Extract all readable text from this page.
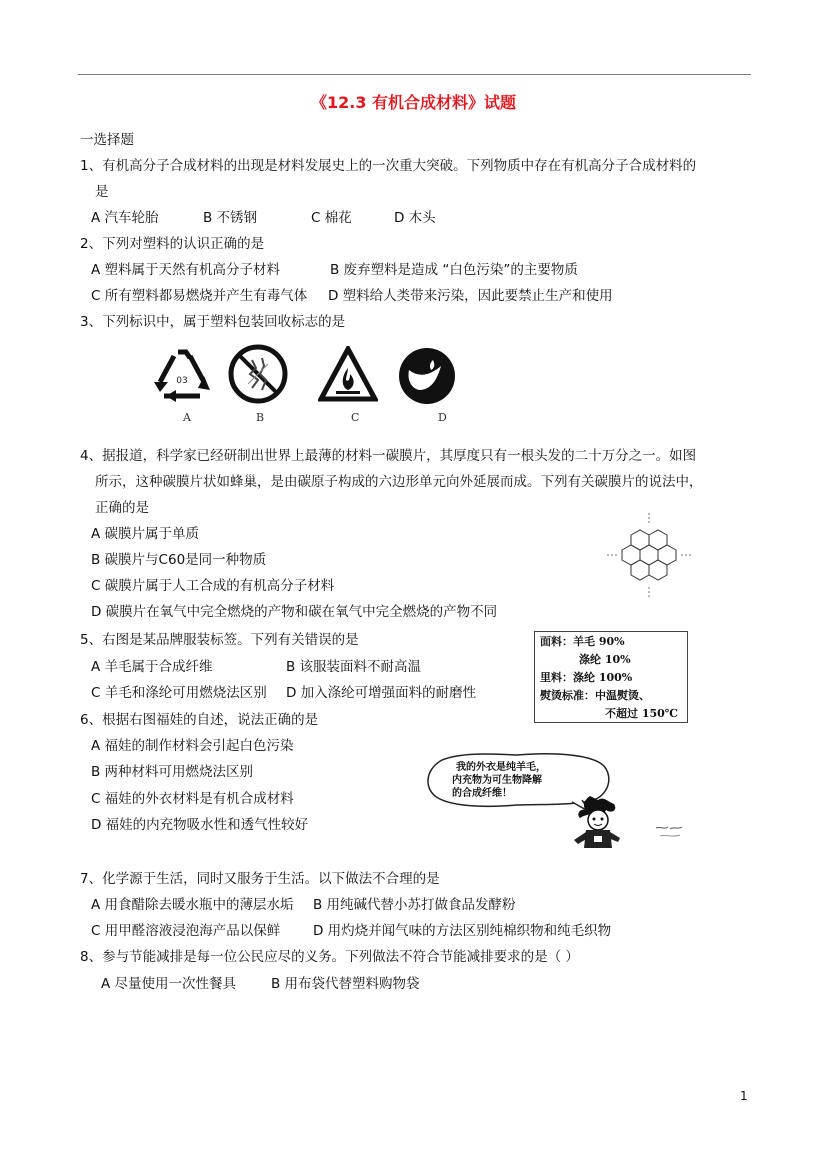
《12.3 有机合成材料》试题
一选择题
1、有机高分子合成材料的出现是材料发展史上的一次重大突破。下列物质中存在有机高分子合成材料的
是
A 汽车轮胎	B 不锈钢	C 棉花	D 木头
2、下列对塑料的认识正确的是
A 塑料属于天然有机高分子材料	B 废弃塑料是造成 “白色污染”的主要物质
C 所有塑料都易燃烧并产生有毒气体 D 塑料给人类带来污染，因此要禁止生产和使用
3、下列标识中，属于塑料包装回收标志的是
03
A	B	C	D
4、据报道，科学家已经研制出世界上最薄的材料一碳膜片，其厚度只有一根头发的二十万分之一。如图
所示，这种碳膜片状如蜂巢，是由碳原子构成的六边形单元向外延展而成。下列有关碳膜片的说法中，
正确的是
A 碳膜片属于单质
B 碳膜片与C60是同一种物质
C 碳膜片属于人工合成的有机高分子材料
D 碳膜片在氧气中完全燃烧的产物和碳在氧气中完全燃烧的产物不同
5、右图是某品牌服装标签。下列有关错误的是
A 羊毛属于合成纤维	B 该服装面料不耐高温
C 羊毛和涤纶可用燃烧法区别 D 加入涤纶可增强面料的耐磨性
面料：羊毛 90%
涤纶 10%
里料：涤纶 100%
熨烫标准：中温熨烫、
不超过 150℃
6、根据右图福娃的自述，说法正确的是
A 福娃的制作材料会引起白色污染
B 两种材料可用燃烧法区别
C 福娃的外衣材料是有机合成材料
D 福娃的内充物吸水性和透气性较好
我的外衣是纯羊毛，
内充物为可生物降解
的合成纤维！
7、化学源于生活，同时又服务于生活。以下做法不合理的是
A 用食醋除去暖水瓶中的薄层水垢 B 用纯碱代替小苏打做食品发酵粉
C 用甲醛溶液浸泡海产品以保鲜 D 用灼烧并闻气味的方法区别纯棉织物和纯毛织物
8、参与节能减排是每一位公民应尽的义务。下列做法不符合节能减排要求的是（ ）
A 尽量使用一次性餐具	B 用布袋代替塑料购物袋
1
